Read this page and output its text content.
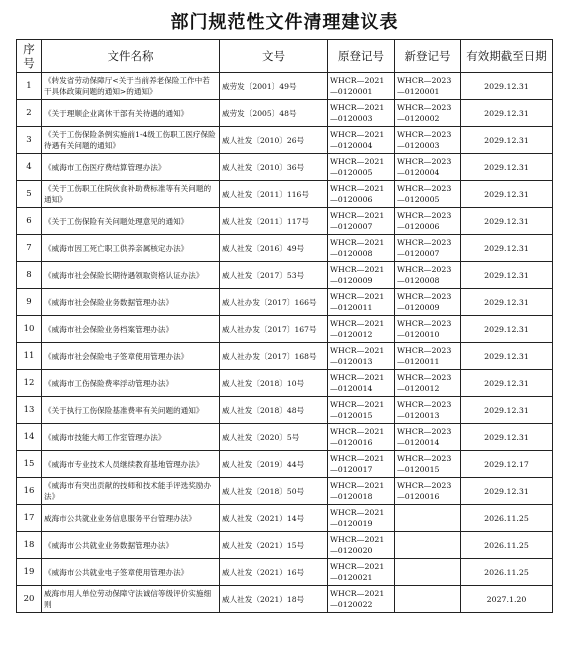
部门规范性文件清理建议表
序号	文件名称	文号	原登记号	新登记号	有效期截至日期
1	《转发省劳动保障厅<关于当前养老保险工作中若干具体政策问题的通知>的通知》	威劳发〔2001〕49号	WHCR—2021—0120001	WHCR—2023—0120001	2029.12.31
2	《关于理顺企业离休干部有关待遇的通知》	威劳发〔2005〕48号	WHCR—2021—0120003	WHCR—2023—0120002	2029.12.31
3	《关于工伤保险条例实施前1-4级工伤职工医疗保险待遇有关问题的通知》	威人社发〔2010〕26号	WHCR—2021—0120004	WHCR—2023—0120003	2029.12.31
4	《威海市工伤医疗费结算管理办法》	威人社发〔2010〕36号	WHCR—2021—0120005	WHCR—2023—0120004	2029.12.31
5	《关于工伤职工住院伙食补助费标准等有关问题的通知》	威人社发〔2011〕116号	WHCR—2021—0120006	WHCR—2023—0120005	2029.12.31
6	《关于工伤保险有关问题处理意见的通知》	威人社发〔2011〕117号	WHCR—2021—0120007	WHCR—2023—0120006	2029.12.31
7	《威海市因工死亡职工供养亲属核定办法》	威人社发〔2016〕49号	WHCR—2021—0120008	WHCR—2023—0120007	2029.12.31
8	《威海市社会保险长期待遇领取资格认证办法》	威人社发〔2017〕53号	WHCR—2021—0120009	WHCR—2023—0120008	2029.12.31
9	《威海市社会保险业务数据管理办法》	威人社办发〔2017〕166号	WHCR—2021—0120011	WHCR—2023—0120009	2029.12.31
10	《威海市社会保险业务档案管理办法》	威人社办发〔2017〕167号	WHCR—2021—0120012	WHCR—2023—0120010	2029.12.31
11	《威海市社会保险电子签章使用管理办法》	威人社办发〔2017〕168号	WHCR—2021—0120013	WHCR—2023—0120011	2029.12.31
12	《威海市工伤保险费率浮动管理办法》	威人社发〔2018〕10号	WHCR—2021—0120014	WHCR—2023—0120012	2029.12.31
13	《关于执行工伤保险基准费率有关问题的通知》	威人社发〔2018〕48号	WHCR—2021—0120015	WHCR—2023—0120013	2029.12.31
14	《威海市技能大师工作室管理办法》	威人社发〔2020〕5号	WHCR—2021—0120016	WHCR—2023—0120014	2029.12.31
15	《威海市专业技术人员继续教育基地管理办法》	威人社发〔2019〕44号	WHCR—2021—0120017	WHCR—2023—0120015	2029.12.17
16	《威海市有突出贡献的技师和技术能手评选奖励办法》	威人社发〔2018〕50号	WHCR—2021—0120018	WHCR—2023—0120016	2029.12.31
17	威海市公共就业业务信息服务平台管理办法》	威人社发（2021）14号	WHCR—2021—0120019		2026.11.25
18	《威海市公共就业业务数据管理办法》	威人社发（2021）15号	WHCR—2021—0120020		2026.11.25
19	《威海市公共就业电子签章使用管理办法》	威人社发（2021）16号	WHCR—2021—0120021		2026.11.25
20	威海市用人单位劳动保障守法诚信等级评价实施细则	威人社发（2021）18号	WHCR—2021—0120022		2027.1.20
